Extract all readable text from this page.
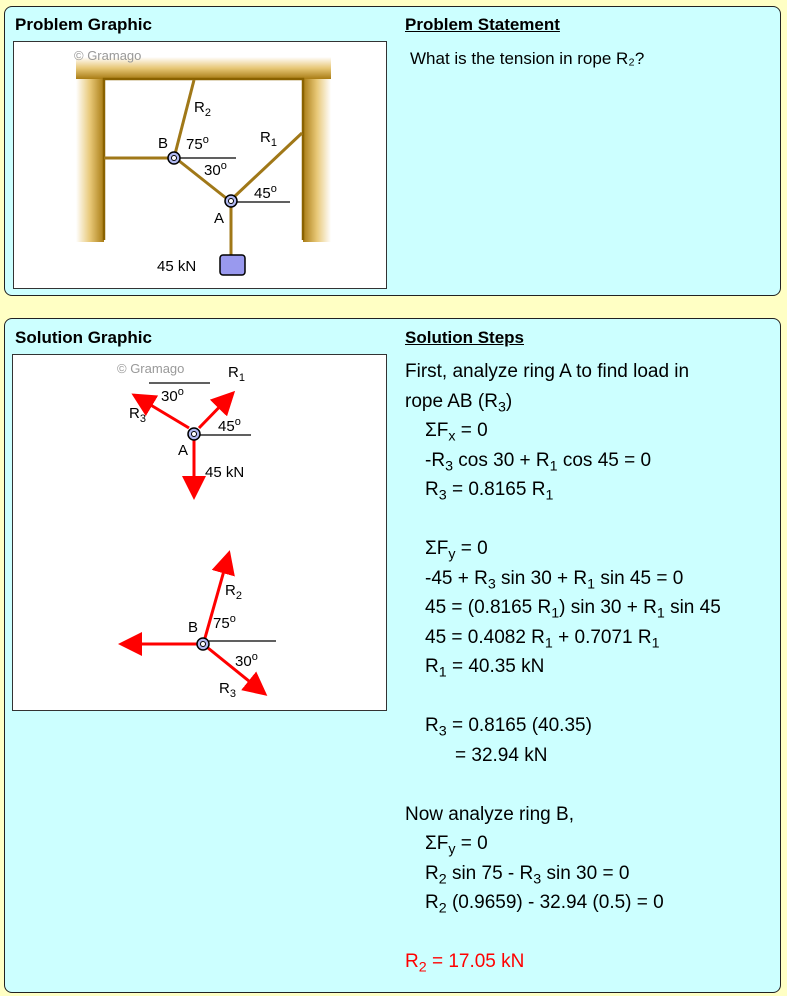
Problem Graphic	Problem Statement
© Gramago
$R_2$
B 75$^o$	$R_1$
30$^o$
45$^o$
A
45 kN
What is the tension in rope R₂?
Solution Graphic	Solution Steps
© Gramago	$R_1$
30$^o$
$R_3$	45$^o$
A
45 kN
$R_2$
75$^o$
B
30$^o$
$R_3$
First, analyze ring A to find load in
rope AB $(R_3)$
$\Sigma F_x = 0$
$-R_3$ $\cos 30 + R_1$ cos 45 = 0
$R_3 = 0.8165$ $R_1$
$\Sigma F_y = 0$
$-45 + R_3$ $\sin 30 + R_1$ sin 45 = 0
45 = (0.8165 $R_1$) $\sin 30 + R_1$ sin 45
45 = 0.4082 $R_1 + 0.7071$ $R_1$
$R_1 = 40.35$ kN
$R_3 = 0.8165$ (40.35)
= 32.94 kN
Now analyze ring B,
$\Sigma F_y = 0$
$R_2$ $\sin 75 - R_3$ sin 30 = 0
$R_2$ (0.9659) - 32.94 (0.5) = 0
$R_2 = 17.05$ kN
